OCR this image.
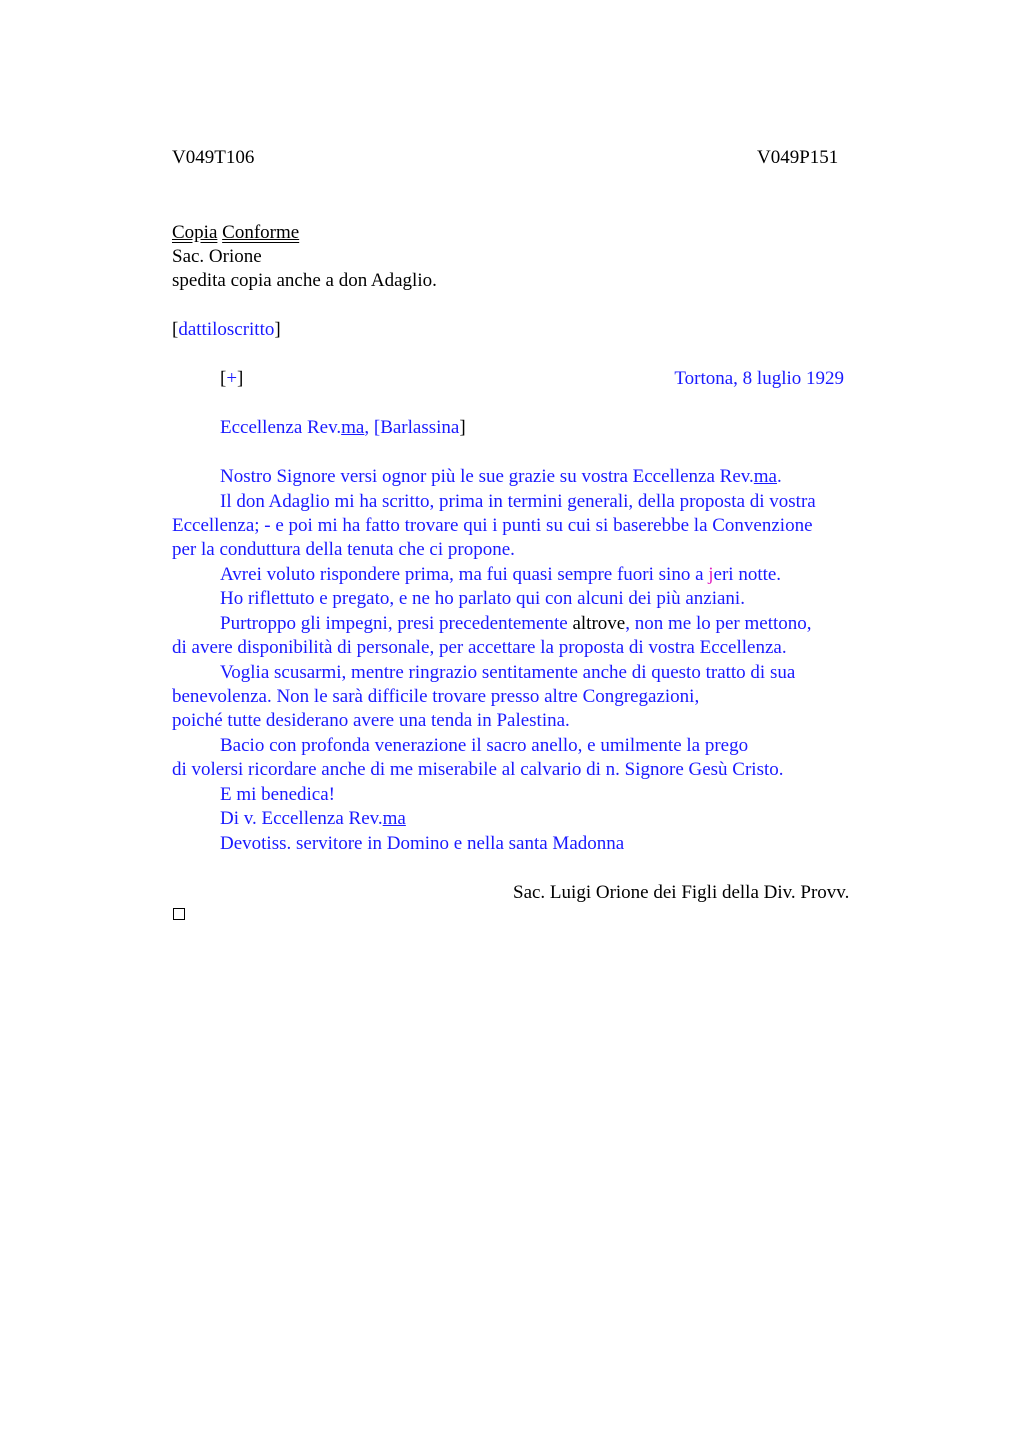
V049T106	V049P151
Copia Conforme
Sac. Orione
spedita copia anche a don Adaglio.
[dattiloscritto]
[+]	Tortona, 8 luglio 1929
Eccellenza Rev.ma, [Barlassina]
Nostro Signore versi ognor più le sue grazie su vostra Eccellenza Rev.ma.
Il don Adaglio mi ha scritto, prima in termini generali, della proposta di vostra
Eccellenza; - e poi mi ha fatto trovare qui i punti su cui si baserebbe la Convenzione
per la conduttura della tenuta che ci propone.
Avrei voluto rispondere prima, ma fui quasi sempre fuori sino a jeri notte.
Ho riflettuto e pregato, e ne ho parlato qui con alcuni dei più anziani.
Purtroppo gli impegni, presi precedentemente altrove, non me lo per mettono,
di avere disponibilità di personale, per accettare la proposta di vostra Eccellenza.
Voglia scusarmi, mentre ringrazio sentitamente anche di questo tratto di sua
benevolenza. Non le sarà difficile trovare presso altre Congregazioni,
poiché tutte desiderano avere una tenda in Palestina.
Bacio con profonda venerazione il sacro anello, e umilmente la prego
di volersi ricordare anche di me miserabile al calvario di n. Signore Gesù Cristo.
E mi benedica!
Di v. Eccellenza Rev.ma
Devotiss. servitore in Domino e nella santa Madonna
Sac. Luigi Orione dei Figli della Div. Provv.
